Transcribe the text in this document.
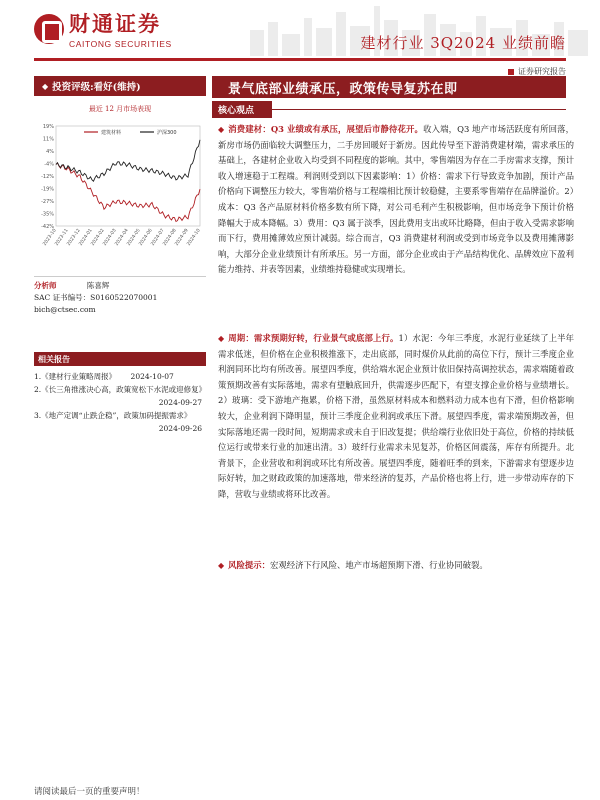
财通证券
CAITONG SECURITIES	建材行业 3Q2024 业绩前瞻
证券研究报告
◆ 投资评级:看好(维持)
最近 12 月市场表现
19%
11%
4%
-4%
-12%
-19%
-27%
-35%
-42%
2023-10
2023-11
2023-12
2024-01
2024-02
2024-03
2024-04
2024-05
2024-06
2024-07
2024-08
2024-09
2024-10
建筑材料	沪深300
分析师	陈喜辉
SAC 证书编号：S0160522070001
bich@ctsec.com
相关报告
1.《建材行业策略周报》 2024-10-07
2.《长三角推涨决心高，政策宽松下水泥或迎修复》
2024-09-27
3.《地产定调“止跌企稳”，政策加码提振需求》
2024-09-26
景气底部业绩承压，政策传导复苏在即
核心观点
◆ 消费建材：Q3 业绩或有承压，展望后市静待花开。收入端，Q3 地产市场活跃度有所回落，新房市场仍面临较大调整压力，二手房回暖好于新房。因此传导至下游消费建材端，需求承压的基础上，各建材企业收入均受到不同程度的影响。其中，零售端因为存在二手房需求支撑，预计收入增速稳于工程端。利润则受到以下因素影响：1）价格：需求下行导致竞争加剧，预计产品价格向下调整压力较大，零售端价格与工程端相比预计较稳健，主要系零售端存在品牌溢价。2）成本：Q3 各产品原材料价格多数有所下降，对公司毛利产生积极影响，但市场竞争下预计价格降幅大于成本降幅。3）费用：Q3 属于淡季，因此费用支出或环比略降，但由于收入受需求影响而下行，费用摊薄效应预计减弱。综合而言，Q3 消费建材利润或受到市场竞争以及费用摊薄影响，大部分企业业绩预计有所承压。另一方面，部分企业或由于产品结构优化、品牌效应下盈利能力维持、并表等因素，业绩维持稳健或实现增长。
◆ 周期：需求预期好转，行业景气或底部上行。1）水泥：今年三季度，水泥行业延续了上半年需求低迷，但价格在企业积极推涨下，走出底部，同时煤价从此前的高位下行，预计三季度企业利润同环比均有所改善。展望四季度，供给端水泥企业预计依旧保持高调控状态，需求端随着政策预期改善有实际落地，需求有望触底回升，供需逐步匹配下，有望支撑企业价格与业绩增长。2）玻璃：受下游地产拖累，价格下滑，虽然原材料成本和燃料动力成本也有下滑，但价格影响较大，企业利润下降明显，预计三季度企业利润或承压下滑。展望四季度，需求端预期改善，但实际落地还需一段时间，短期需求或未自于旧改复提；供给端行业依旧处于高位，价格的持续低位运行或带来行业的加速出清。3）玻纤行业需求未见复苏，价格区间震荡，库存有所提升。北背景下，企业营收和利润或环比有所改善。展望四季度，随着旺季的到来，下游需求有望逐步边际好转，加之财政政策的加速落地，带来经济的复苏，产品价格也将上行，进一步带动库存的下降，营收与业绩或将环比改善。
◆ 风险提示：宏观经济下行风险、地产市场超预期下滑、行业协同破裂。
请阅读最后一页的重要声明！
